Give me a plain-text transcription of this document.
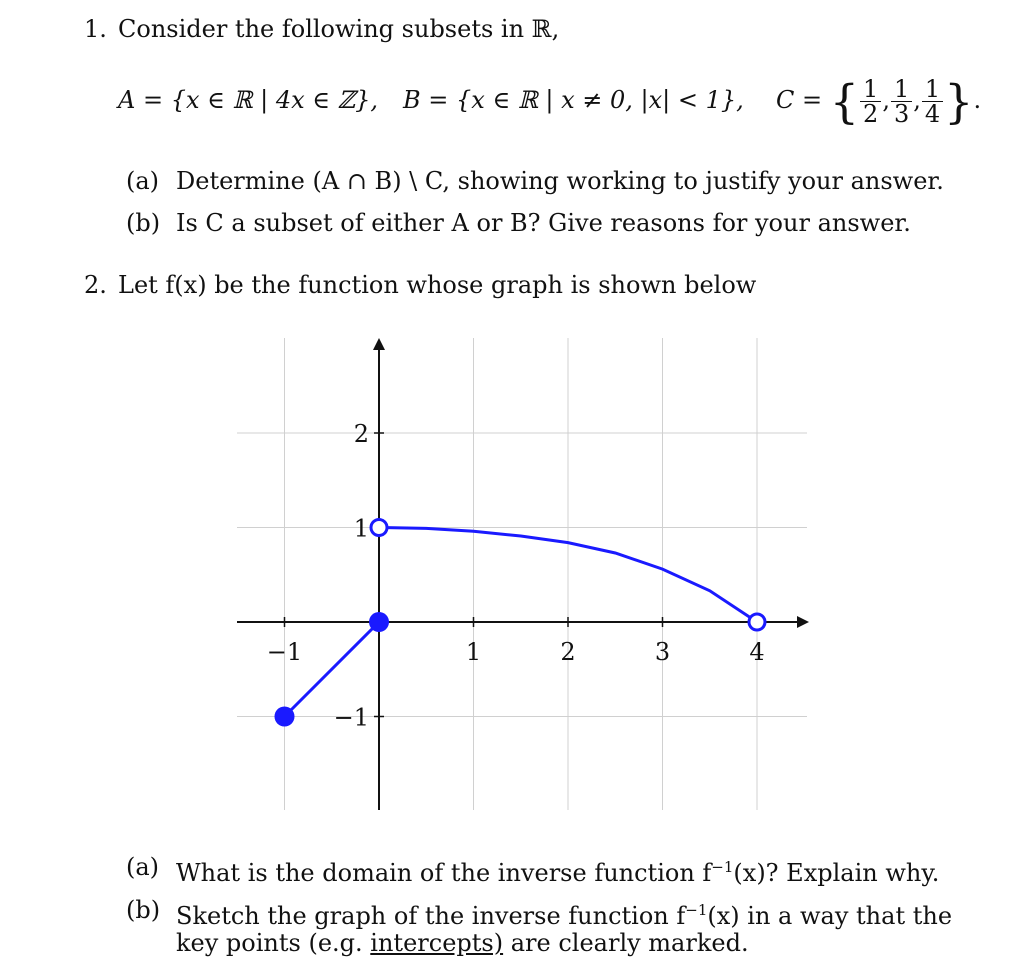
1. Consider the following subsets in ℝ,
A = {x ∈ ℝ | 4x ∈ ℤ}, B = {x ∈ ℝ | x ≠ 0, |x| < 1}, C = { $\frac{1}{2}$ , $\frac{1}{3}$ , $\frac{1}{4}$ }.
(a) Determine (A ∩ B) \ C, showing working to justify your answer.
(b) Is C a subset of either A or B? Give reasons for your answer.
2. Let f(x) be the function whose graph is shown below
−1	1	2	3	4
−1
1
2
(a) What is the domain of the inverse function $f^{-1}(x)$? Explain why.
(b) Sketch the graph of the inverse function $f^{-1}(x)$ in a way that the
key points (e.g. intercepts) are clearly marked.
